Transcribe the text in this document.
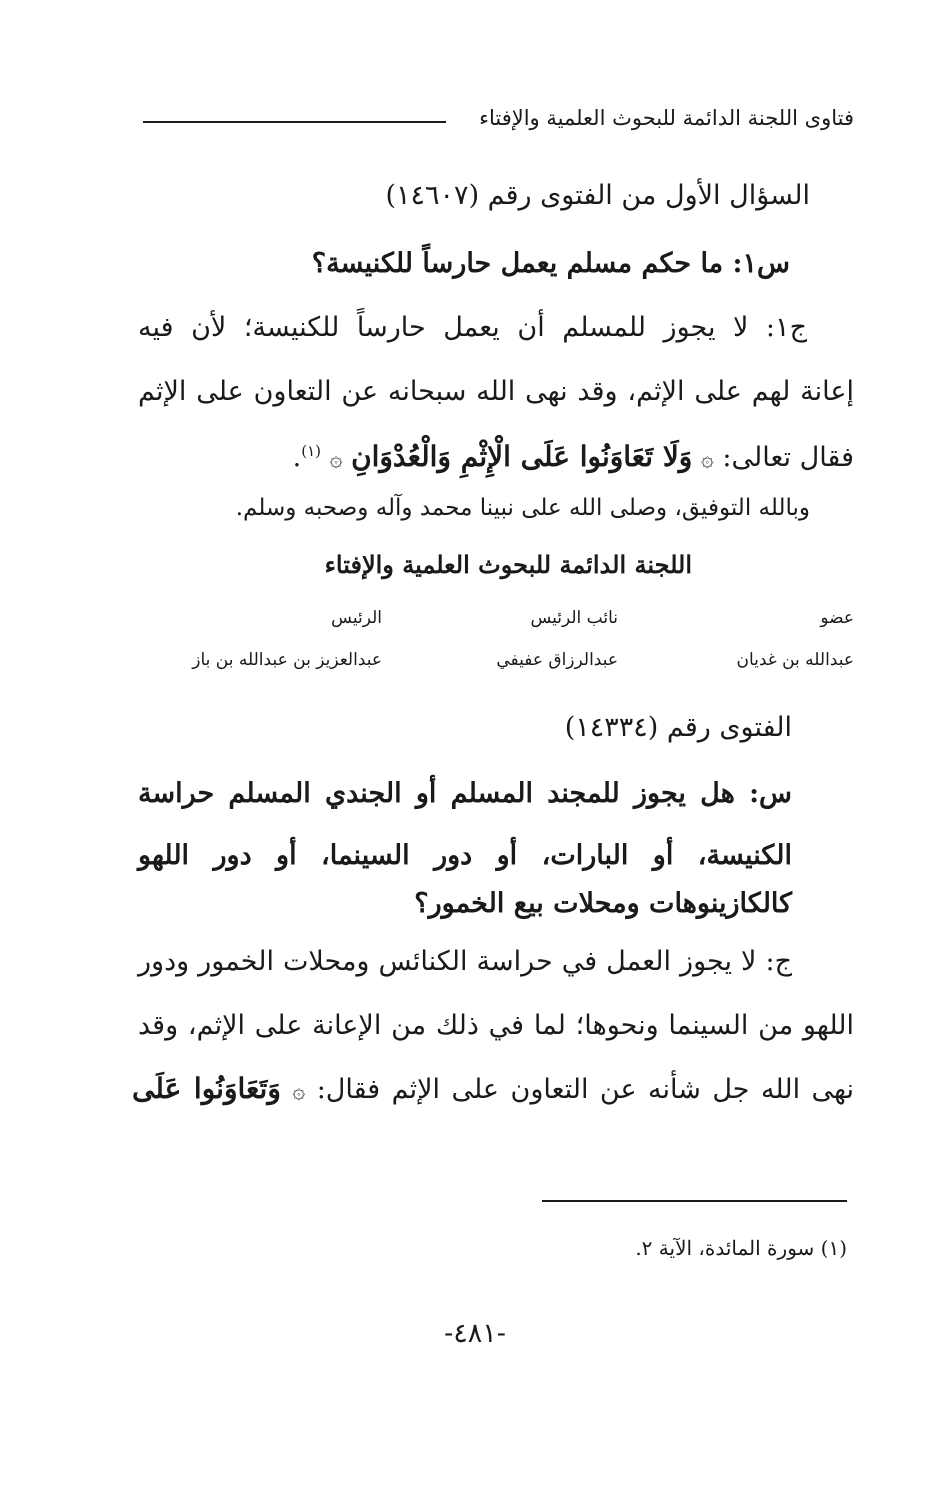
فتاوى اللجنة الدائمة للبحوث العلمية والإفتاء
السؤال الأول من الفتوى رقم (١٤٦٠٧)
س١: ما حكم مسلم يعمل حارساً للكنيسة؟
ج١: لا يجوز للمسلم أن يعمل حارساً للكنيسة؛ لأن فيه
إعانة لهم على الإثم، وقد نهى الله سبحانه عن التعاون على الإثم
فقال تعالى: ۞ وَلَا تَعَاوَنُوا عَلَى الْإِثْمِ وَالْعُدْوَانِ ۞ $^{(١)}$.
وبالله التوفيق، وصلى الله على نبينا محمد وآله وصحبه وسلم.
اللجنة الدائمة للبحوث العلمية والإفتاء
عضو
نائب الرئيس
الرئيس
عبدالله بن غديان
عبدالرزاق عفيفي
عبدالعزيز بن عبدالله بن باز
الفتوى رقم (١٤٣٣٤)
س: هل يجوز للمجند المسلم أو الجندي المسلم حراسة
الكنيسة، أو البارات، أو دور السينما، أو دور اللهو
كالكازينوهات ومحلات بيع الخمور؟
ج: لا يجوز العمل في حراسة الكنائس ومحلات الخمور ودور
اللهو من السينما ونحوها؛ لما في ذلك من الإعانة على الإثم، وقد
نهى الله جل شأنه عن التعاون على الإثم فقال: ۞ وَتَعَاوَنُوا عَلَى
(١) سورة المائدة، الآية ٢.
-٤٨١-
